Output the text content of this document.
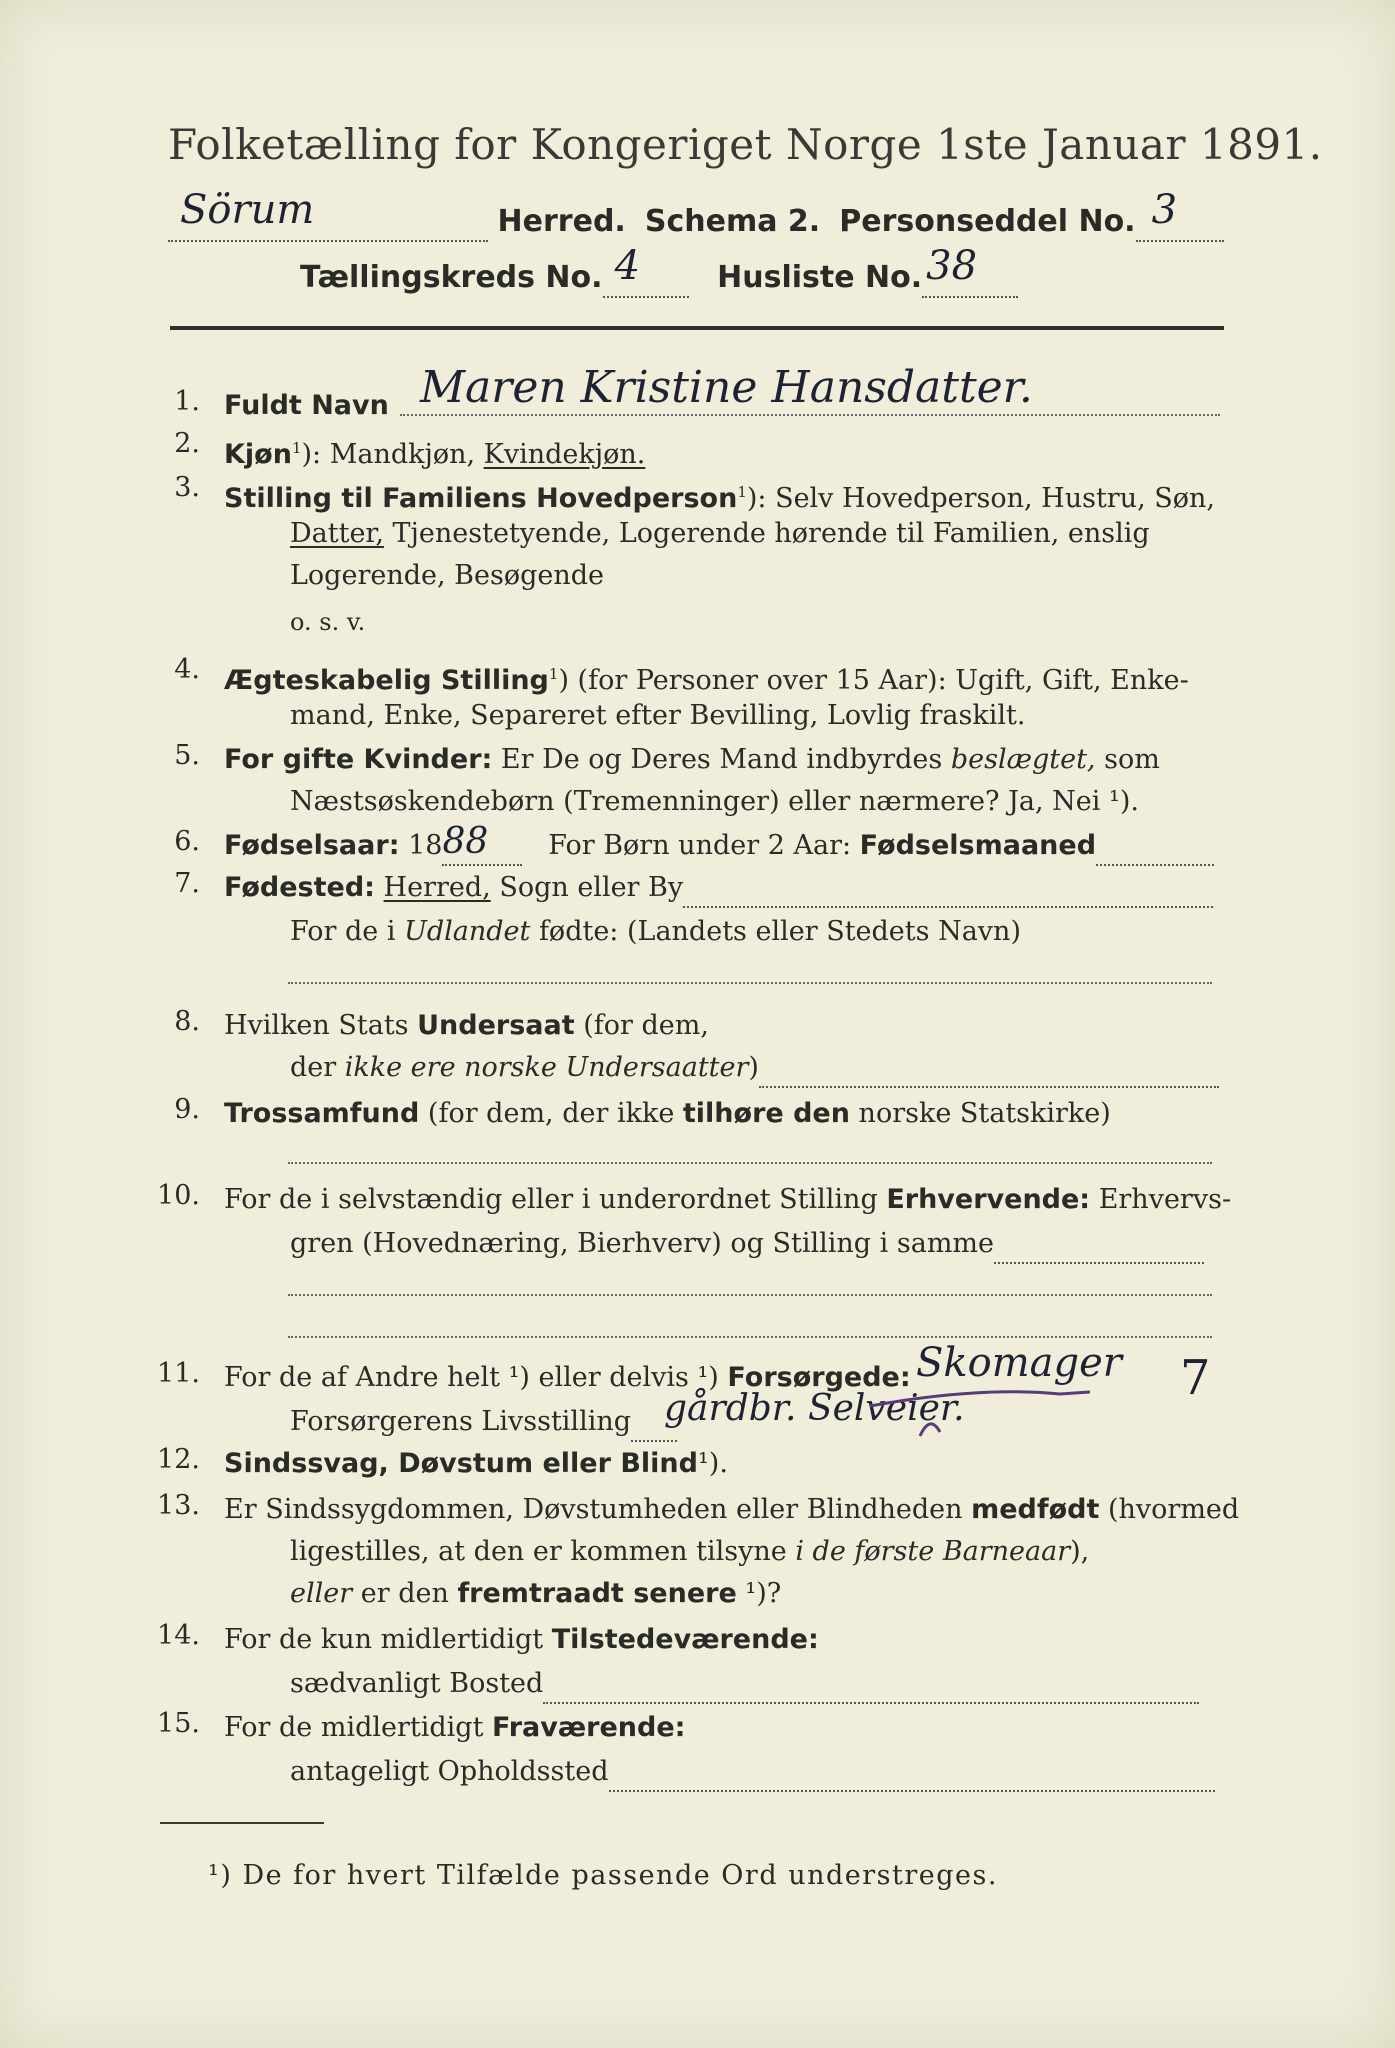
Folketælling for Kongeriget Norge 1ste Januar 1891.
Sörum	Herred. Schema 2. Personseddel No. 3
Tællingskreds No. 4	Husliste No. 38
1. Fuldt Navn Maren Kristine Hansdatter.
2. Kjøn$^1$): Mandkjøn, Kvindekjøn.
3. Stilling til Familiens Hovedperson$^1$): Selv Hovedperson, Hustru, Søn,
Datter, Tjenestetyende, Logerende hørende til Familien, enslig
Logerende, Besøgende
o. s. v.
4. Ægteskabelig Stilling$^1$) (for Personer over 15 Aar): Ugift, Gift, Enke-
mand, Enke, Separeret efter Bevilling, Lovlig fraskilt.
5. For gifte Kvinder: Er De og Deres Mand indbyrdes beslægtet, som
Næstsøskendebørn (Tremenninger) eller nærmere? Ja, Nei ¹).
6. Fødselsaar: 18 88 For Børn under 2 Aar: Fødselsmaaned
7. Fødested: Herred, Sogn eller By
For de i Udlandet fødte: (Landets eller Stedets Navn)
8. Hvilken Stats Undersaat (for dem,
der ikke ere norske Undersaatter)
9. Trossamfund (for dem, der ikke tilhøre den norske Statskirke)
10. For de i selvstændig eller i underordnet Stilling Erhvervende: Erhvervs-
gren (Hovednæring, Bierhverv) og Stilling i samme
11. For de af Andre helt ¹) eller delvis ¹) Forsørgede: Skomager 7
Forsørgerens Livsstilling gårdbr. Selveier.
12. Sindssvag, Døvstum eller Blind¹).
13. Er Sindssygdommen, Døvstumheden eller Blindheden medfødt (hvormed
ligestilles, at den er kommen tilsyne i de første Barneaar),
eller er den fremtraadt senere ¹)?
14. For de kun midlertidigt Tilstedeværende:
sædvanligt Bosted
15. For de midlertidigt Fraværende:
antageligt Opholdssted
¹) De for hvert Tilfælde passende Ord understreges.
